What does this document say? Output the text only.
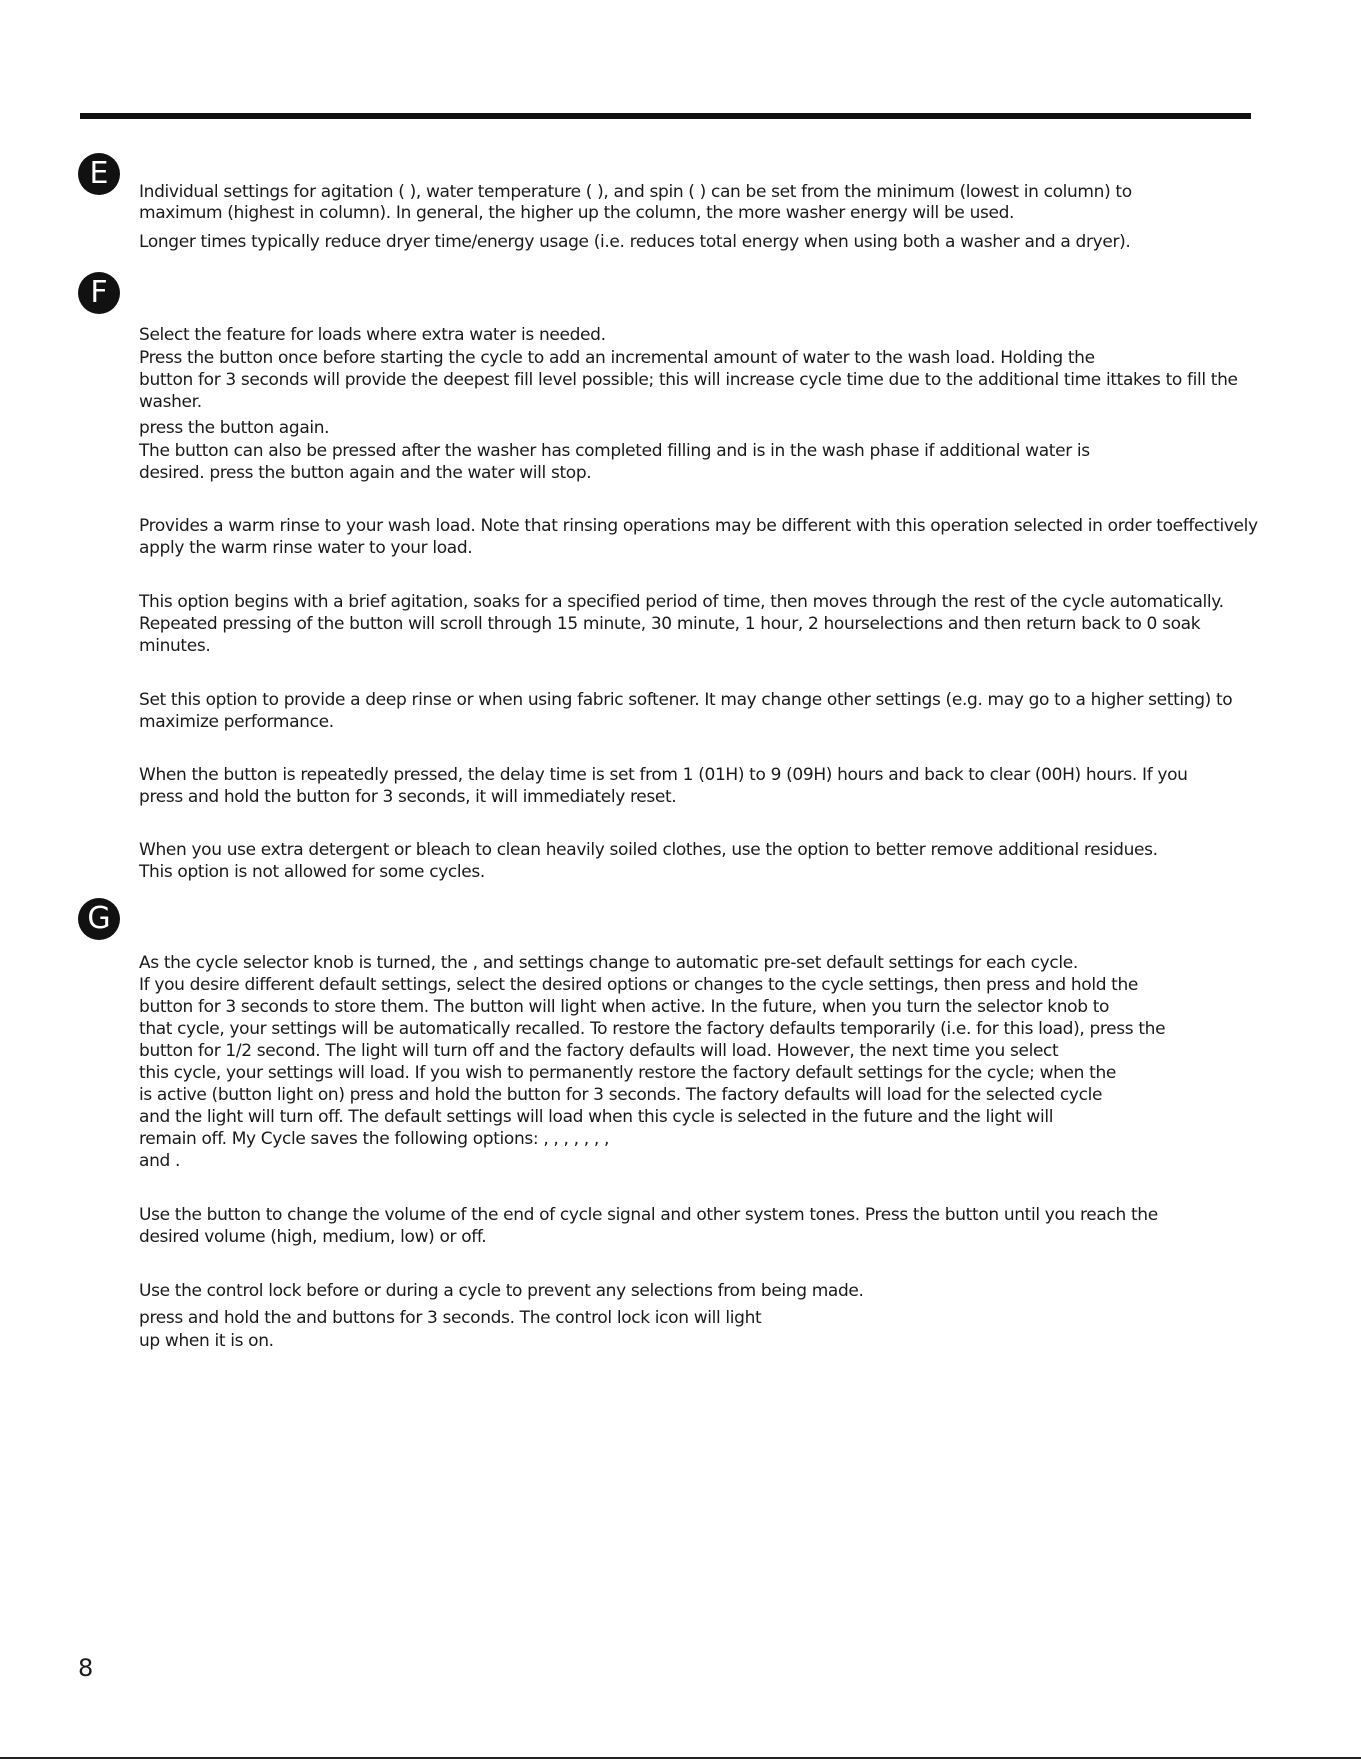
E
Individual settings for agitation ( ), water temperature ( ), and spin ( ) can be set from the minimum (lowest in column) to
maximum (highest in column). In general, the higher up the column, the more washer energy will be used.
Longer times typically reduce dryer time/energy usage (i.e. reduces total energy when using both a washer and a dryer).
F
Select the feature for loads where extra water is needed.
Press the button once before starting the cycle to add an incremental amount of water to the wash load. Holding the
button for 3 seconds will provide the deepest fill level possible; this will increase cycle time due to the additional time ittakes to fill the
washer.
press the button again.
The button can also be pressed after the washer has completed filling and is in the wash phase if additional water is
desired. press the button again and the water will stop.
Provides a warm rinse to your wash load. Note that rinsing operations may be different with this operation selected in order toeffectively
apply the warm rinse water to your load.
This option begins with a brief agitation, soaks for a specified period of time, then moves through the rest of the cycle automatically.
Repeated pressing of the button will scroll through 15 minute, 30 minute, 1 hour, 2 hourselections and then return back to 0 soak
minutes.
Set this option to provide a deep rinse or when using fabric softener. It may change other settings (e.g. may go to a higher setting) to
maximize performance.
When the button is repeatedly pressed, the delay time is set from 1 (01H) to 9 (09H) hours and back to clear (00H) hours. If you
press and hold the button for 3 seconds, it will immediately reset.
When you use extra detergent or bleach to clean heavily soiled clothes, use the option to better remove additional residues.
This option is not allowed for some cycles.
G
As the cycle selector knob is turned, the , and settings change to automatic pre-set default settings for each cycle.
If you desire different default settings, select the desired options or changes to the cycle settings, then press and hold the
button for 3 seconds to store them. The button will light when active. In the future, when you turn the selector knob to
that cycle, your settings will be automatically recalled. To restore the factory defaults temporarily (i.e. for this load), press the
button for 1/2 second. The light will turn off and the factory defaults will load. However, the next time you select
this cycle, your settings will load. If you wish to permanently restore the factory default settings for the cycle; when the
is active (button light on) press and hold the button for 3 seconds. The factory defaults will load for the selected cycle
and the light will turn off. The default settings will load when this cycle is selected in the future and the light will
remain off. My Cycle saves the following options: , , , , , , ,
and .
Use the button to change the volume of the end of cycle signal and other system tones. Press the button until you reach the
desired volume (high, medium, low) or off.
Use the control lock before or during a cycle to prevent any selections from being made.
press and hold the and buttons for 3 seconds. The control lock icon will light
up when it is on.
8
